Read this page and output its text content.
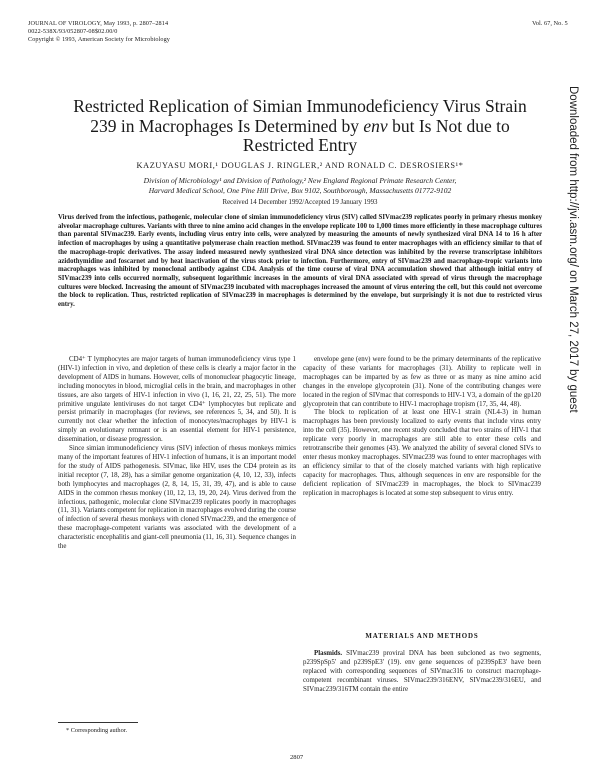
JOURNAL OF VIROLOGY, May 1993, p. 2807–2814
0022-538X/93/052807-08$02.00/0
Copyright © 1993, American Society for Microbiology
Vol. 67, No. 5
Restricted Replication of Simian Immunodeficiency Virus Strain 239 in Macrophages Is Determined by env but Is Not due to Restricted Entry
KAZUYASU MORI,¹ DOUGLAS J. RINGLER,² AND RONALD C. DESROSIERS¹*
Division of Microbiology¹ and Division of Pathology,² New England Regional Primate Research Center,
Harvard Medical School, One Pine Hill Drive, Box 9102, Southborough, Massachusetts 01772-9102
Received 14 December 1992/Accepted 19 January 1993

Virus derived from the infectious, pathogenic, molecular clone of simian immunodeficiency virus (SIV) called SIVmac239 replicates poorly in primary rhesus monkey alveolar macrophage cultures. Variants with three to nine amino acid changes in the envelope replicate 100 to 1,000 times more efficiently in these macrophage cultures than parental SIVmac239. Early events, including virus entry into cells, were analyzed by measuring the amounts of newly synthesized viral DNA 14 to 16 h after infection of macrophages by using a quantitative polymerase chain reaction method. SIVmac239 was found to enter macrophages with an efficiency similar to that of the macrophage-tropic derivatives. The assay indeed measured newly synthesized viral DNA since detection was inhibited by the reverse transcriptase inhibitors azidothymidine and foscarnet and by heat inactivation of the virus stock prior to infection. Furthermore, entry of SIVmac239 and macrophage-tropic variants into macrophages was inhibited by monoclonal antibody against CD4. Analysis of the time course of viral DNA accumulation showed that although initial entry of SIVmac239 into cells occurred normally, subsequent logarithmic increases in the amounts of viral DNA associated with spread of virus through the macrophage cultures were blocked. Increasing the amount of SIVmac239 incubated with macrophages increased the amount of virus entering the cell, but this could not overcome the block to replication. Thus, restricted replication of SIVmac239 in macrophages is determined by the envelope, but surprisingly it is not due to restricted virus entry.

CD4⁺ T lymphocytes are major targets of human immunodeficiency virus type 1 (HIV-1) infection in vivo, and depletion of these cells is clearly a major factor in the development of AIDS in humans. However, cells of mononuclear phagocytic lineage, including monocytes in blood, microglial cells in the brain, and macrophages in other tissues, are also targets of HIV-1 infection in vivo (1, 16, 21, 22, 25, 51). The more primitive ungulate lentiviruses do not target CD4⁺ lymphocytes but replicate and persist primarily in macrophages (for reviews, see references 5, 34, and 50). It is currently not clear whether the infection of monocytes/macrophages by HIV-1 is simply an evolutionary remnant or is an essential element for HIV-1 persistence, dissemination, or disease progression.

Since simian immunodeficiency virus (SIV) infection of rhesus monkeys mimics many of the important features of HIV-1 infection of humans, it is an important model for the study of AIDS pathogenesis. SIVmac, like HIV, uses the CD4 protein as its initial receptor (7, 18, 28), has a similar genome organization (4, 10, 12, 33), infects both lymphocytes and macrophages (2, 8, 14, 15, 31, 39, 47), and is able to cause AIDS in the common rhesus monkey (10, 12, 13, 19, 20, 24). Virus derived from the infectious, pathogenic, molecular clone SIVmac239 replicates poorly in macrophages (11, 31). Variants competent for replication in macrophages evolved during the course of infection of several rhesus monkeys with cloned SIVmac239, and the emergence of these macrophage-competent variants was associated with the development of a characteristic encephalitis and giant-cell pneumonia (11, 16, 31). Sequence changes in the

envelope gene (env) were found to be the primary determinants of the replicative capacity of these variants for macrophages (31). Ability to replicate well in macrophages can be imparted by as few as three or as many as nine amino acid changes in the envelope glycoprotein (31). None of the contributing changes were located in the region of SIVmac that corresponds to HIV-1 V3, a domain of the gp120 glycoprotein that can contribute to HIV-1 macrophage tropism (17, 35, 44, 48).

The block to replication of at least one HIV-1 strain (NL4-3) in human macrophages has been previously localized to early events that include virus entry into the cell (35). However, one recent study concluded that two strains of HIV-1 that replicate very poorly in macrophages are still able to enter these cells and retrotranscribe their genomes (43). We analyzed the ability of several cloned SIVs to enter rhesus monkey macrophages. SIVmac239 was found to enter macrophages with an efficiency similar to that of the closely matched variants with high replicative capacity for macrophages. Thus, although sequences in env are responsible for the deficient replication of SIVmac239 in macrophages, the block to SIVmac239 replication in macrophages is located at some step subsequent to virus entry.

MATERIALS AND METHODS

Plasmids. SIVmac239 proviral DNA has been subcloned as two segments, p239SpSp5′ and p239SpE3′ (19). env gene sequences of p239SpE3′ have been replaced with corresponding sequences of SIVmac316 to construct macrophage-competent recombinant viruses. SIVmac239/316ENV, SIVmac239/316EU, and SIVmac239/316TM contain the entire

* Corresponding author.
2807
Downloaded from http://jvi.asm.org/ on March 27, 2017 by guest
